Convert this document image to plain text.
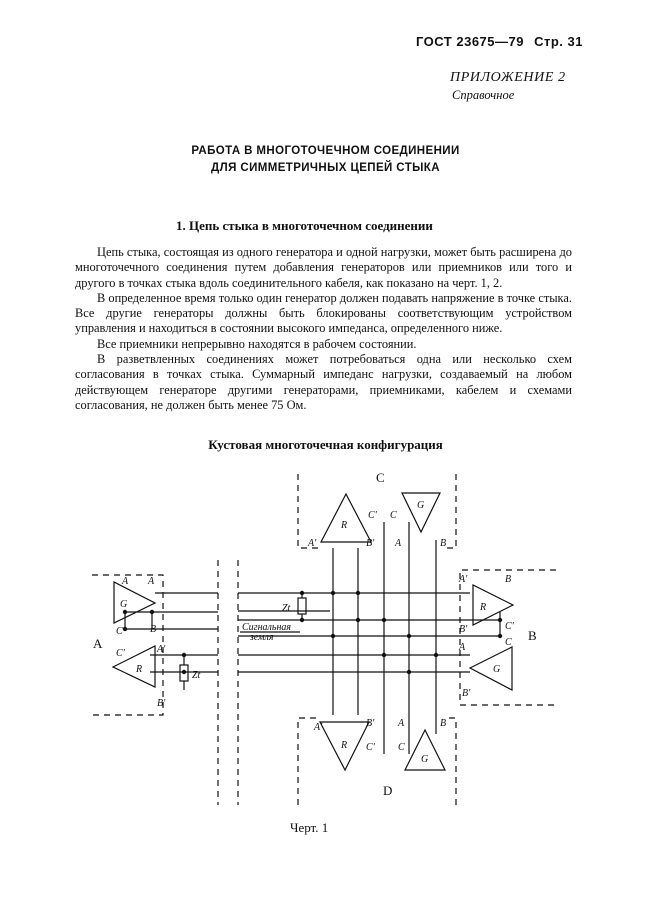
ГОСТ 23675—79 Стр. 31
ПРИЛОЖЕНИЕ 2
Справочное
РАБОТА В МНОГОТОЧЕЧНОМ СОЕДИНЕНИИ
ДЛЯ СИММЕТРИЧНЫХ ЦЕПЕЙ СТЫКА
1. Цепь стыка в многоточечном соединении

Цепь стыка, состоящая из одного генератора и одной нагрузки, может быть расширена до многоточечного соединения путем добавления генераторов или приемников или того и другого в точках стыка вдоль соединительного кабеля, как показано на черт. 1, 2.

В определенное время только один генератор должен подавать напряжение в точке стыка. Все другие генераторы должны быть блокированы соответствующим устройством управления и находиться в состоянии высокого импеданса, определенного ниже.

Все приемники непрерывно находятся в рабочем состоянии.

В разветвленных соединениях может потребоваться одна или несколько схем согласования в точках стыка. Суммарный импеданс нагрузки, создаваемый на любом действующем генераторе другими генераторами, приемниками, кабелем и схемами согласования, не должен быть менее 75 Ом.

Кустовая многоточечная конфигурация
C
D
A
B
R
G
R
G
G
R
R
G
A'	B'
C' C
A	B
A'	B' A	B
C' C
A A
C	B
C'	A'
B'
A'	B
B'	C'
C
A
B'
Zt
Zt
Сигнальная
земля
Черт. 1
